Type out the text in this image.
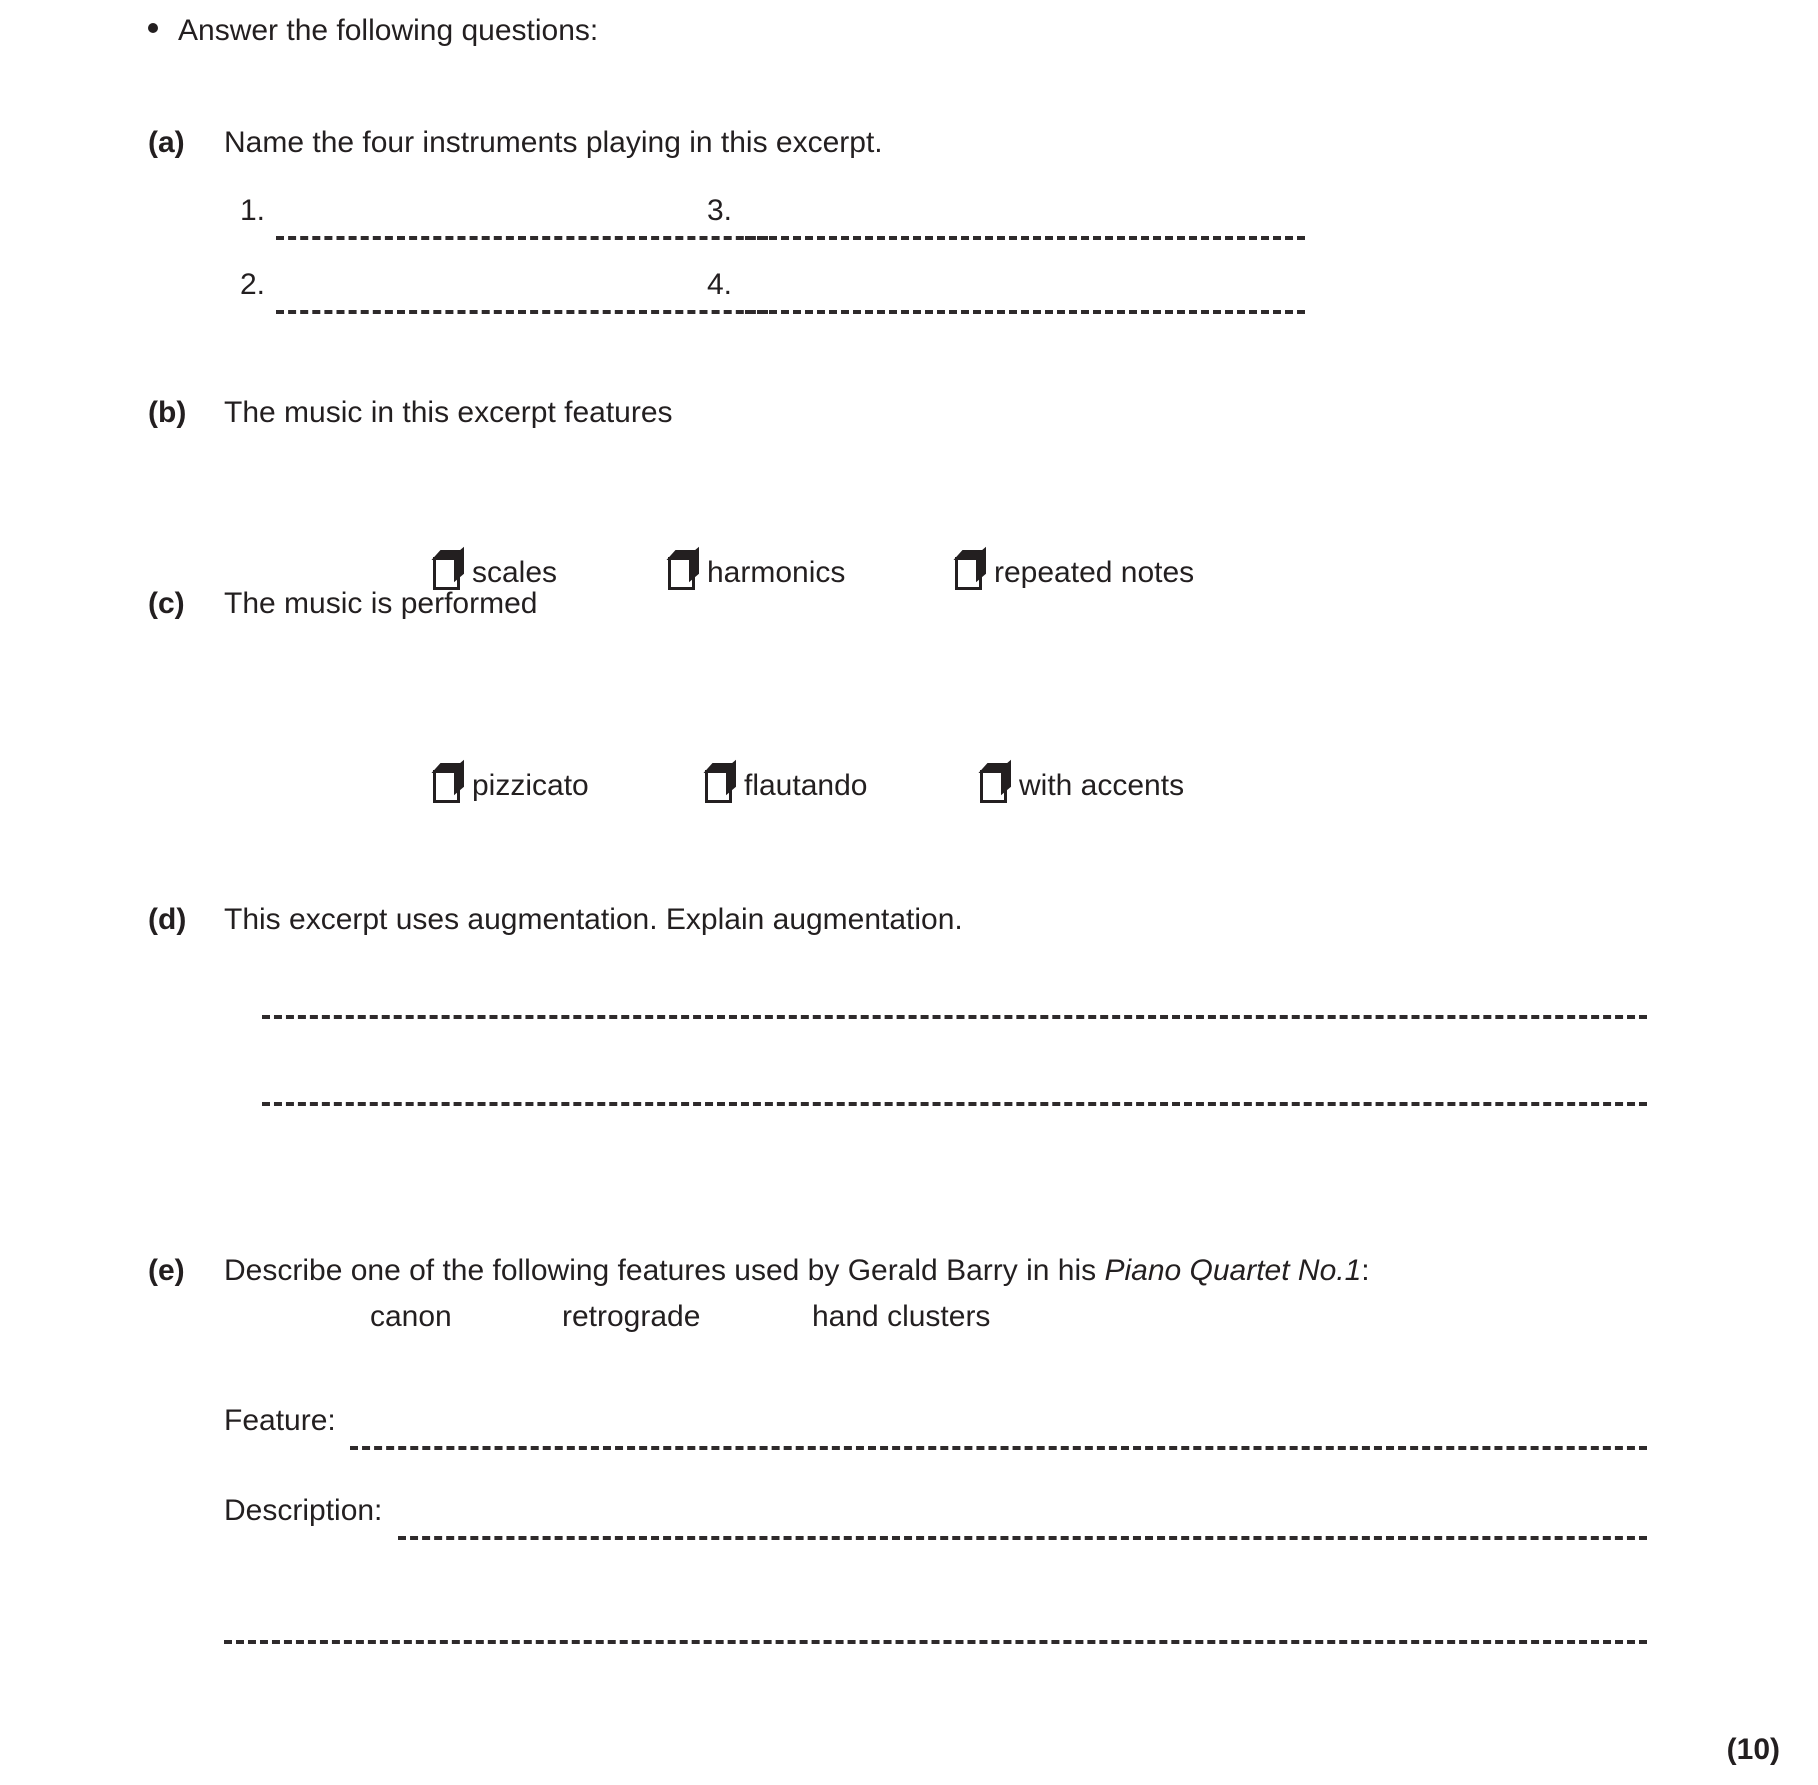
Answer the following questions:
(a)	Name the four instruments playing in this excerpt.
1.	3.
2.	4.
(b)	The music in this excerpt features
scales	harmonics	repeated notes
(c)	The music is performed
pizzicato	flautando	with accents
(d)	This excerpt uses augmentation. Explain augmentation.
(e)	Describe one of the following features used by Gerald Barry in his Piano Quartet No.1:
canon	retrograde	hand clusters
Feature:
Description:
(10)
